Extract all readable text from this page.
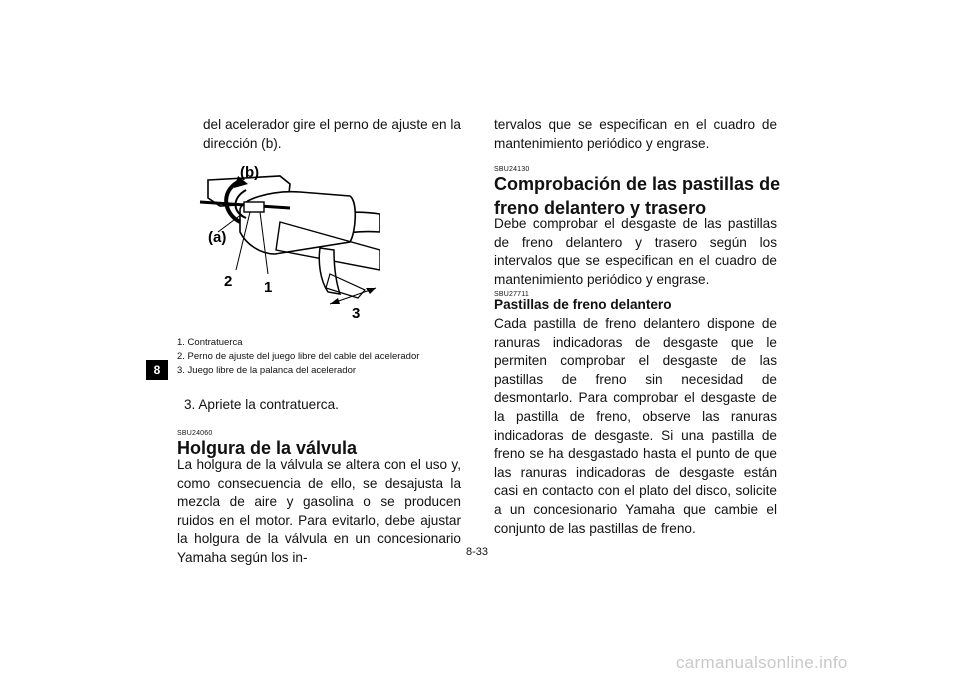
8

del acelerador gire el perno de ajuste en la dirección (b).

(b)
(a)
2 1
3
1. Contratuerca
2. Perno de ajuste del juego libre del cable del acelerador
3. Juego libre de la palanca del acelerador
3. Apriete la contratuerca.
SBU24060
Holgura de la válvula

La holgura de la válvula se altera con el uso y, como consecuencia de ello, se desajusta la mezcla de aire y gasolina o se producen ruidos en el motor. Para evitarlo, debe ajustar la holgura de la válvula en un concesionario Yamaha según los in-

tervalos que se especifican en el cuadro de mantenimiento periódico y engrase.

SBU24130
Comprobación de las pastillas de freno delantero y trasero

Debe comprobar el desgaste de las pastillas de freno delantero y trasero según los intervalos que se especifican en el cuadro de mantenimiento periódico y engrase.

SBU27711
Pastillas de freno delantero

Cada pastilla de freno delantero dispone de ranuras indicadoras de desgaste que le permiten comprobar el desgaste de las pastillas de freno sin necesidad de desmontarlo. Para comprobar el desgaste de la pastilla de freno, observe las ranuras indicadoras de desgaste. Si una pastilla de freno se ha desgastado hasta el punto de que las ranuras indicadoras de desgaste están casi en contacto con el plato del disco, solicite a un concesionario Yamaha que cambie el conjunto de las pastillas de freno.

8-33
carmanualsonline.info
